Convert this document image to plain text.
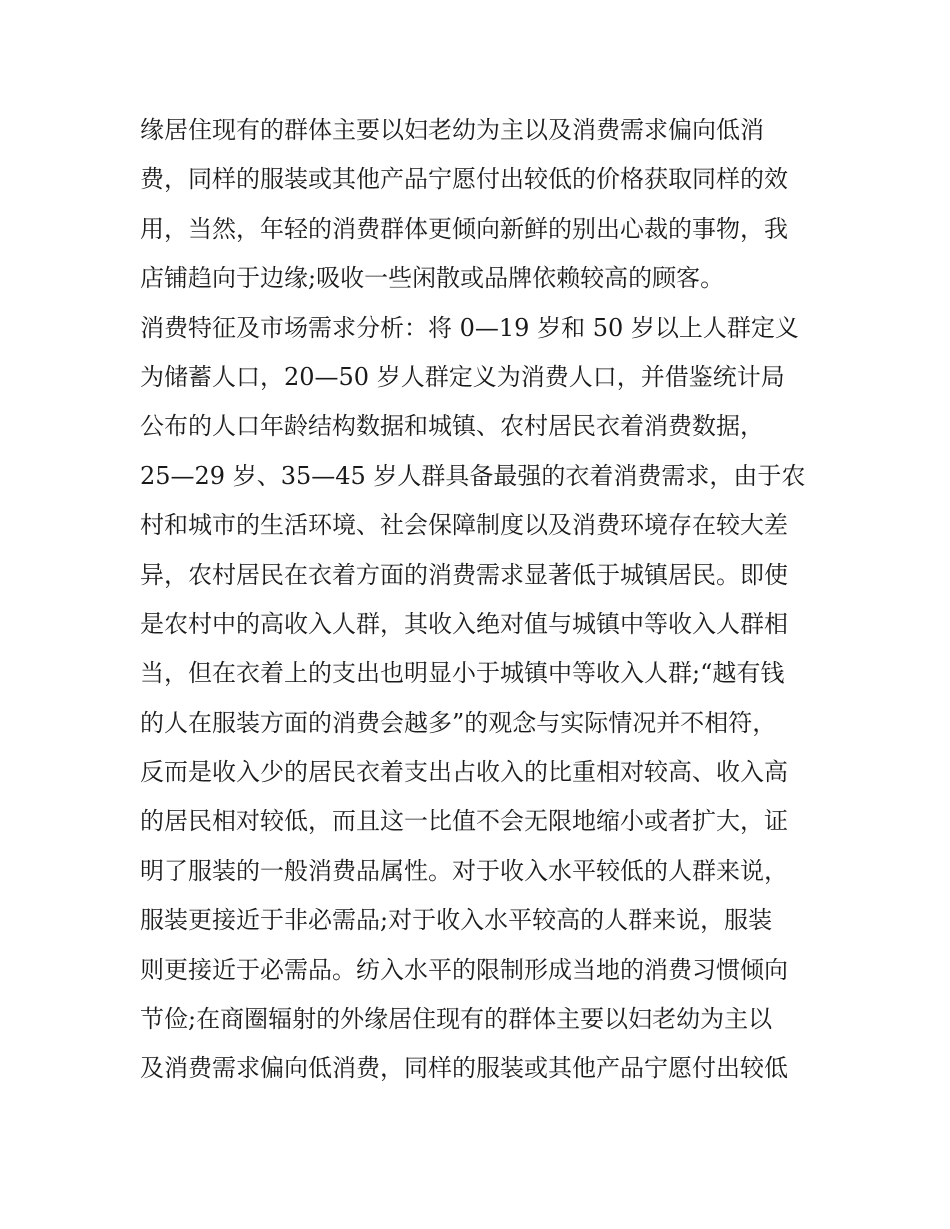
缘居住现有的群体主要以妇老幼为主以及消费需求偏向低消
费，同样的服装或其他产品宁愿付出较低的价格获取同样的效
用，当然，年轻的消费群体更倾向新鲜的别出心裁的事物，我
店铺趋向于边缘;吸收一些闲散或品牌依赖较高的顾客。
消费特征及市场需求分析：将 0—19 岁和 50 岁以上人群定义
为储蓄人口，20—50 岁人群定义为消费人口，并借鉴统计局
公布的人口年龄结构数据和城镇、农村居民衣着消费数据，
25—29 岁、35—45 岁人群具备最强的衣着消费需求，由于农
村和城市的生活环境、社会保障制度以及消费环境存在较大差
异，农村居民在衣着方面的消费需求显著低于城镇居民。即使
是农村中的高收入人群，其收入绝对值与城镇中等收入人群相
当，但在衣着上的支出也明显小于城镇中等收入人群;“越有钱
的人在服装方面的消费会越多”的观念与实际情况并不相符，
反而是收入少的居民衣着支出占收入的比重相对较高、收入高
的居民相对较低，而且这一比值不会无限地缩小或者扩大，证
明了服装的一般消费品属性。对于收入水平较低的人群来说，
服装更接近于非必需品;对于收入水平较高的人群来说，服装
则更接近于必需品。纺入水平的限制形成当地的消费习惯倾向
节俭;在商圈辐射的外缘居住现有的群体主要以妇老幼为主以
及消费需求偏向低消费，同样的服装或其他产品宁愿付出较低
